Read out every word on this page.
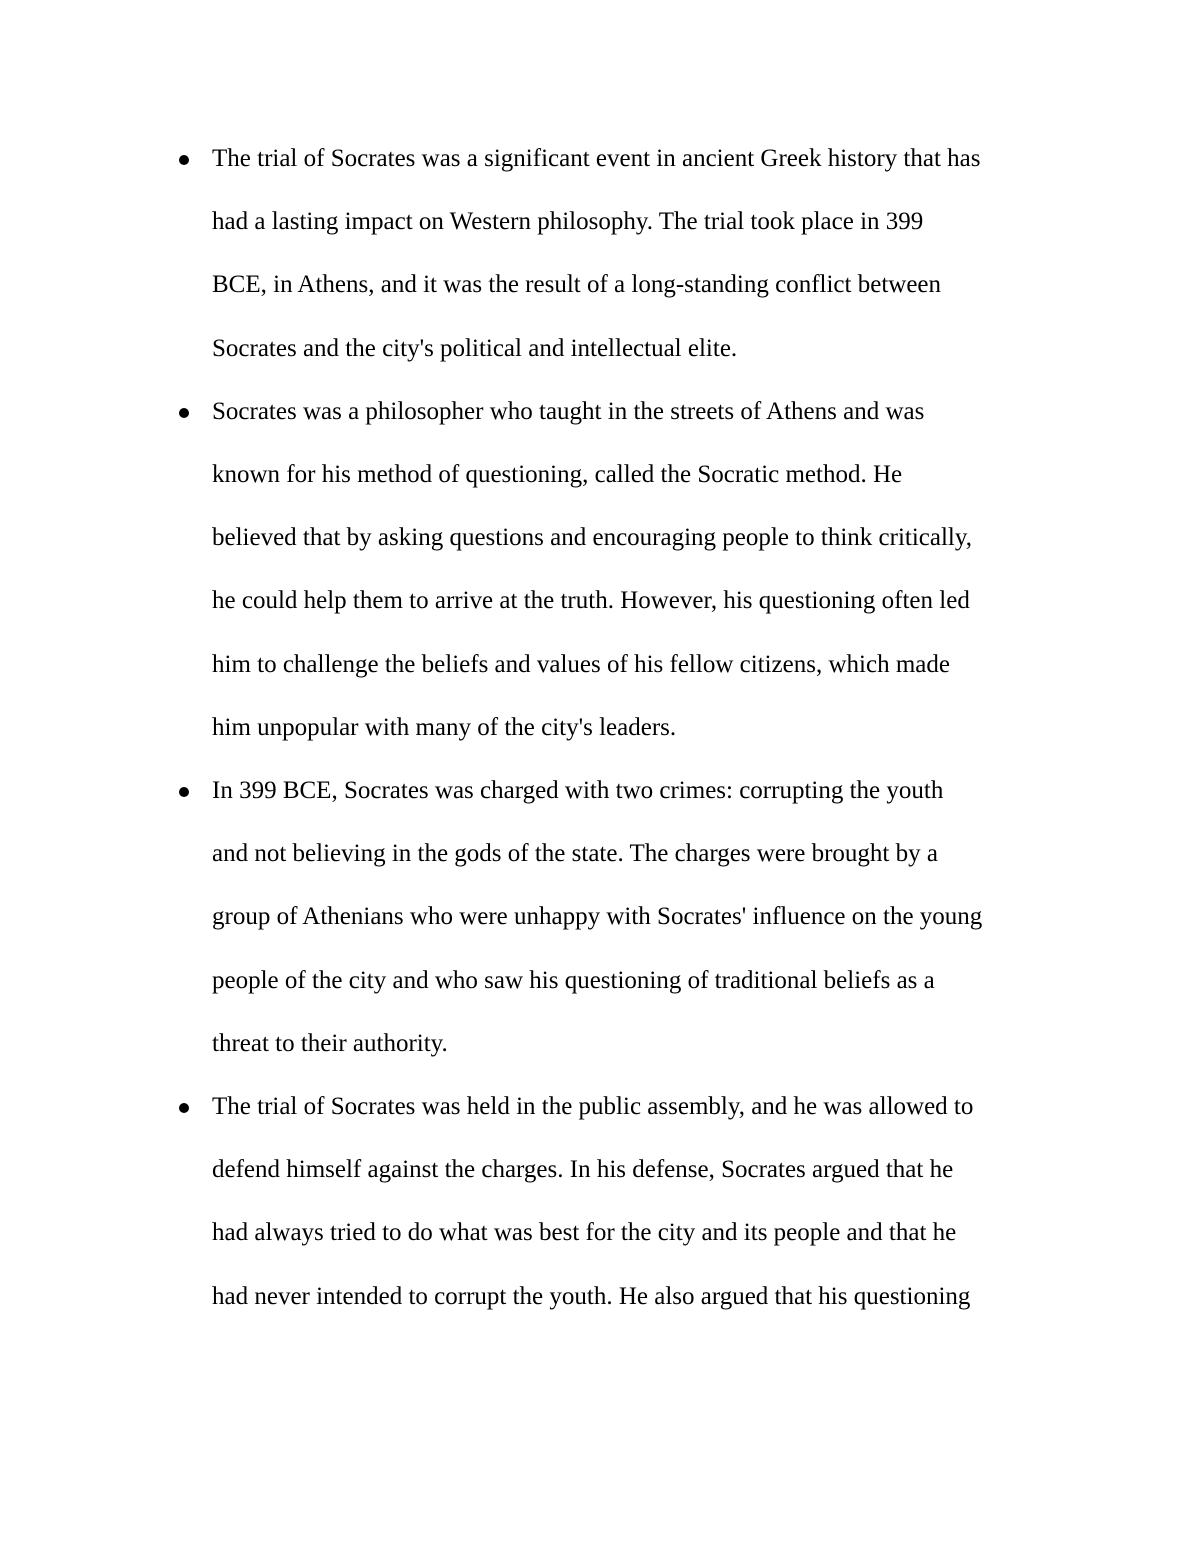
The trial of Socrates was a significant event in ancient Greek history that has
had a lasting impact on Western philosophy. The trial took place in 399
BCE, in Athens, and it was the result of a long-standing conflict between
Socrates and the city's political and intellectual elite.
Socrates was a philosopher who taught in the streets of Athens and was
known for his method of questioning, called the Socratic method. He
believed that by asking questions and encouraging people to think critically,
he could help them to arrive at the truth. However, his questioning often led
him to challenge the beliefs and values of his fellow citizens, which made
him unpopular with many of the city's leaders.
In 399 BCE, Socrates was charged with two crimes: corrupting the youth
and not believing in the gods of the state. The charges were brought by a
group of Athenians who were unhappy with Socrates' influence on the young
people of the city and who saw his questioning of traditional beliefs as a
threat to their authority.
The trial of Socrates was held in the public assembly, and he was allowed to
defend himself against the charges. In his defense, Socrates argued that he
had always tried to do what was best for the city and its people and that he
had never intended to corrupt the youth. He also argued that his questioning
